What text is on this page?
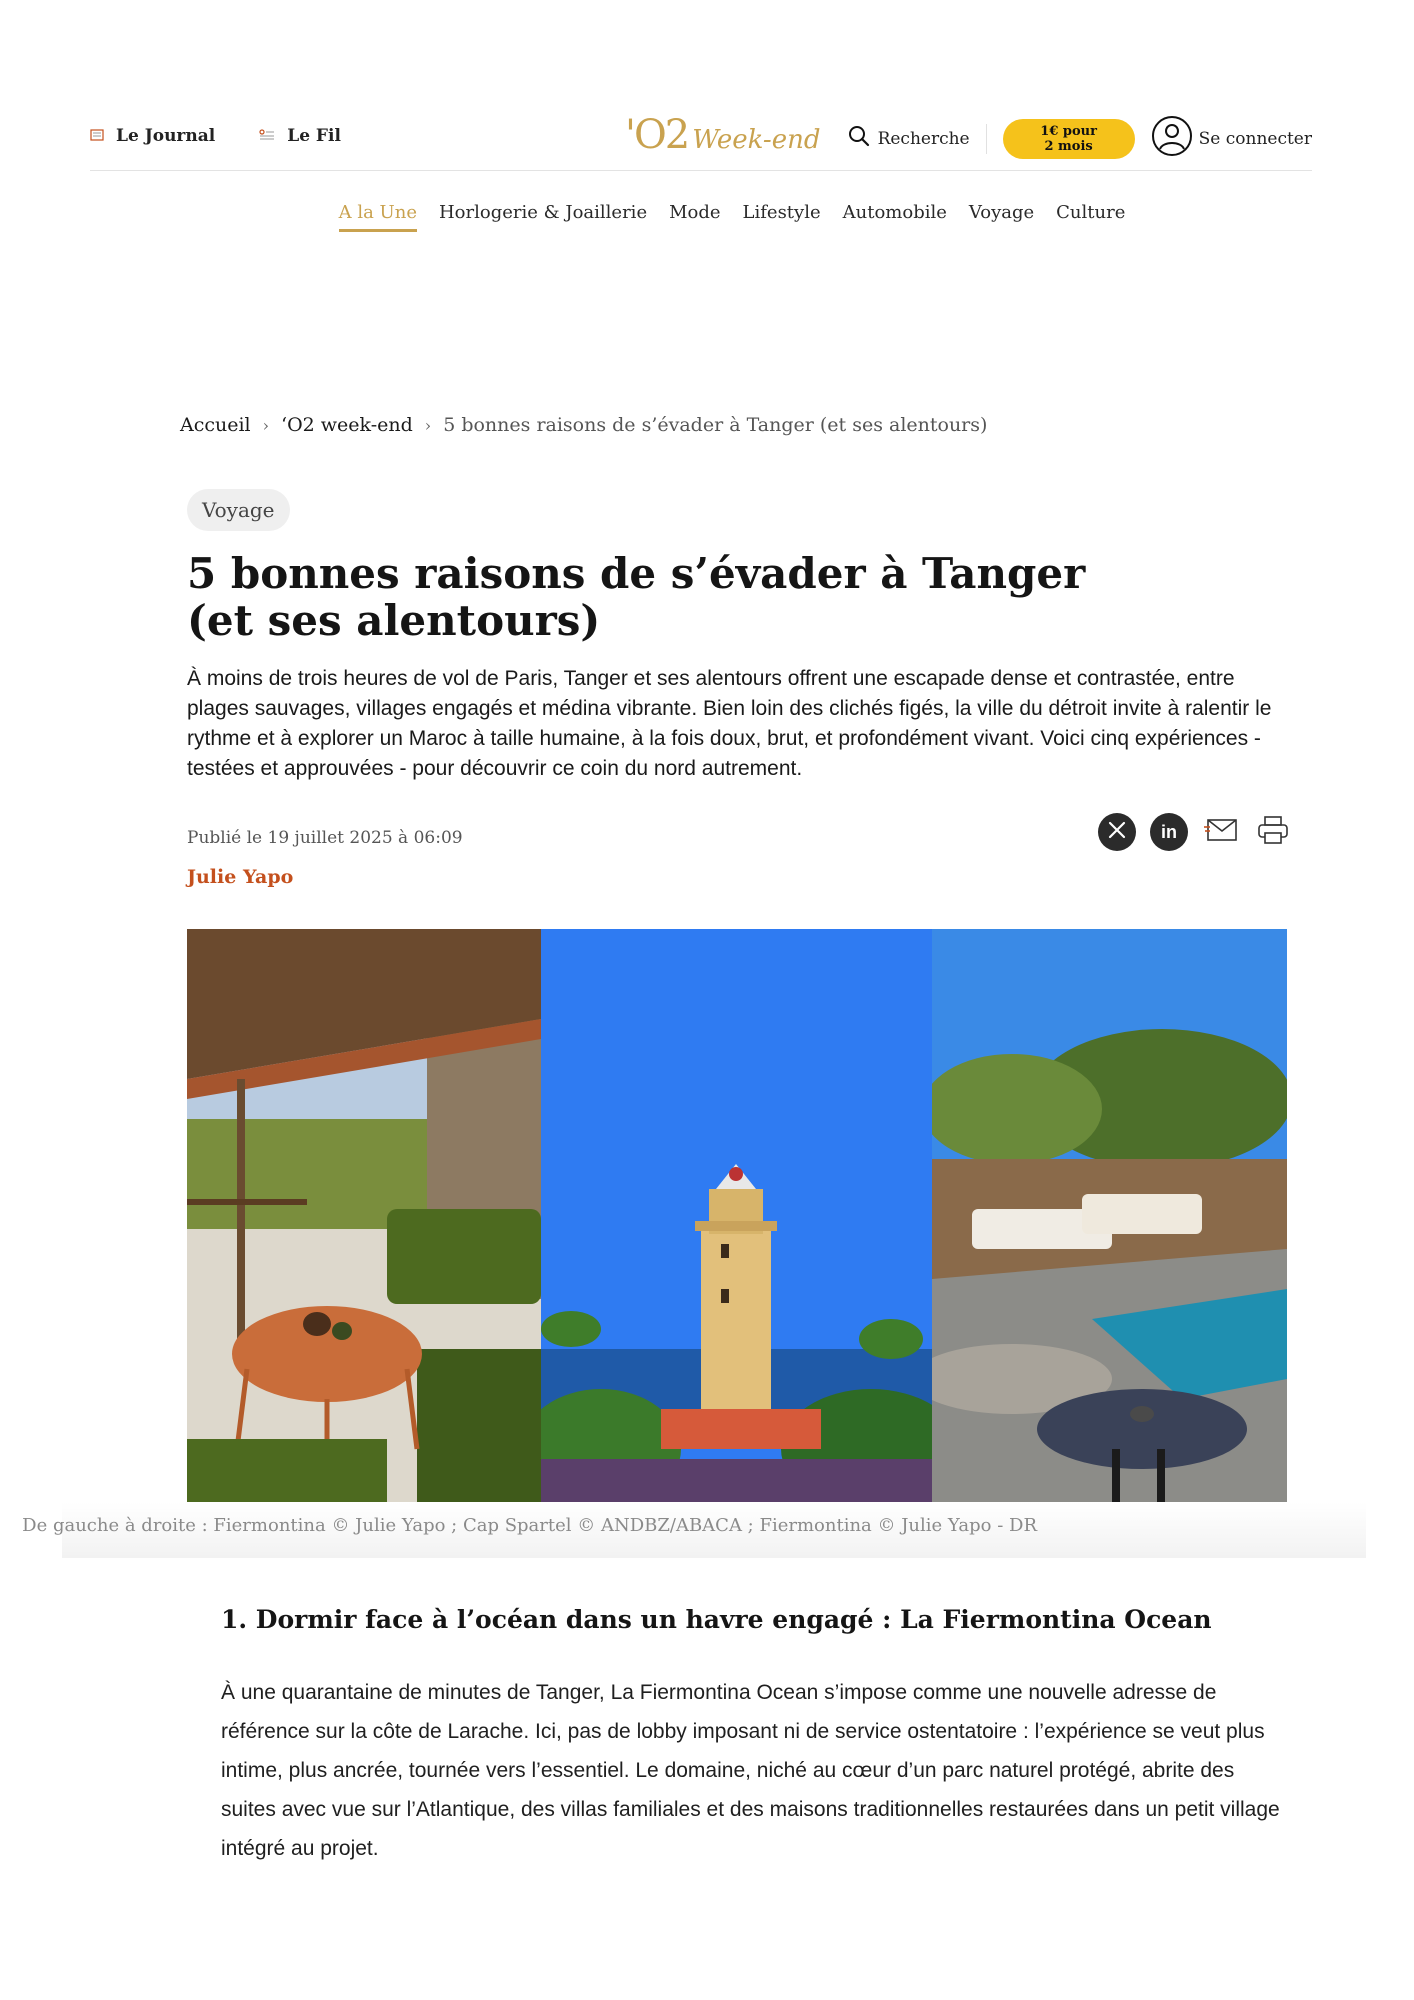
Le Journal	Le Fil	'O2 Week-end	Recherche	1€ pour
2 mois	Se connecter
A la Une Horlogerie & Joaillerie Mode Lifestyle Automobile Voyage Culture
Accueil › ‘O2 week-end › 5 bonnes raisons de s’évader à Tanger (et ses alentours)
Voyage
5 bonnes raisons de s’évader à Tanger (et ses alentours)

À moins de trois heures de vol de Paris, Tanger et ses alentours offrent une escapade dense et contrastée, entre plages sauvages, villages engagés et médina vibrante. Bien loin des clichés figés, la ville du détroit invite à ralentir le rythme et à explorer un Maroc à taille humaine, à la fois doux, brut, et profondément vivant. Voici cinq expériences - testées et approuvées - pour découvrir ce coin du nord autrement.

Publié le 19 juillet 2025 à 06:09
Julie Yapo
in
De gauche à droite : Fiermontina © Julie Yapo ; Cap Spartel © ANDBZ/ABACA ; Fiermontina © Julie Yapo - DR
1. Dormir face à l’océan dans un havre engagé : La Fiermontina Ocean

À une quarantaine de minutes de Tanger, La Fiermontina Ocean s’impose comme une nouvelle adresse de référence sur la côte de Larache. Ici, pas de lobby imposant ni de service ostentatoire : l’expérience se veut plus intime, plus ancrée, tournée vers l’essentiel. Le domaine, niché au cœur d’un parc naturel protégé, abrite des suites avec vue sur l’Atlantique, des villas familiales et des maisons traditionnelles restaurées dans un petit village intégré au projet.
